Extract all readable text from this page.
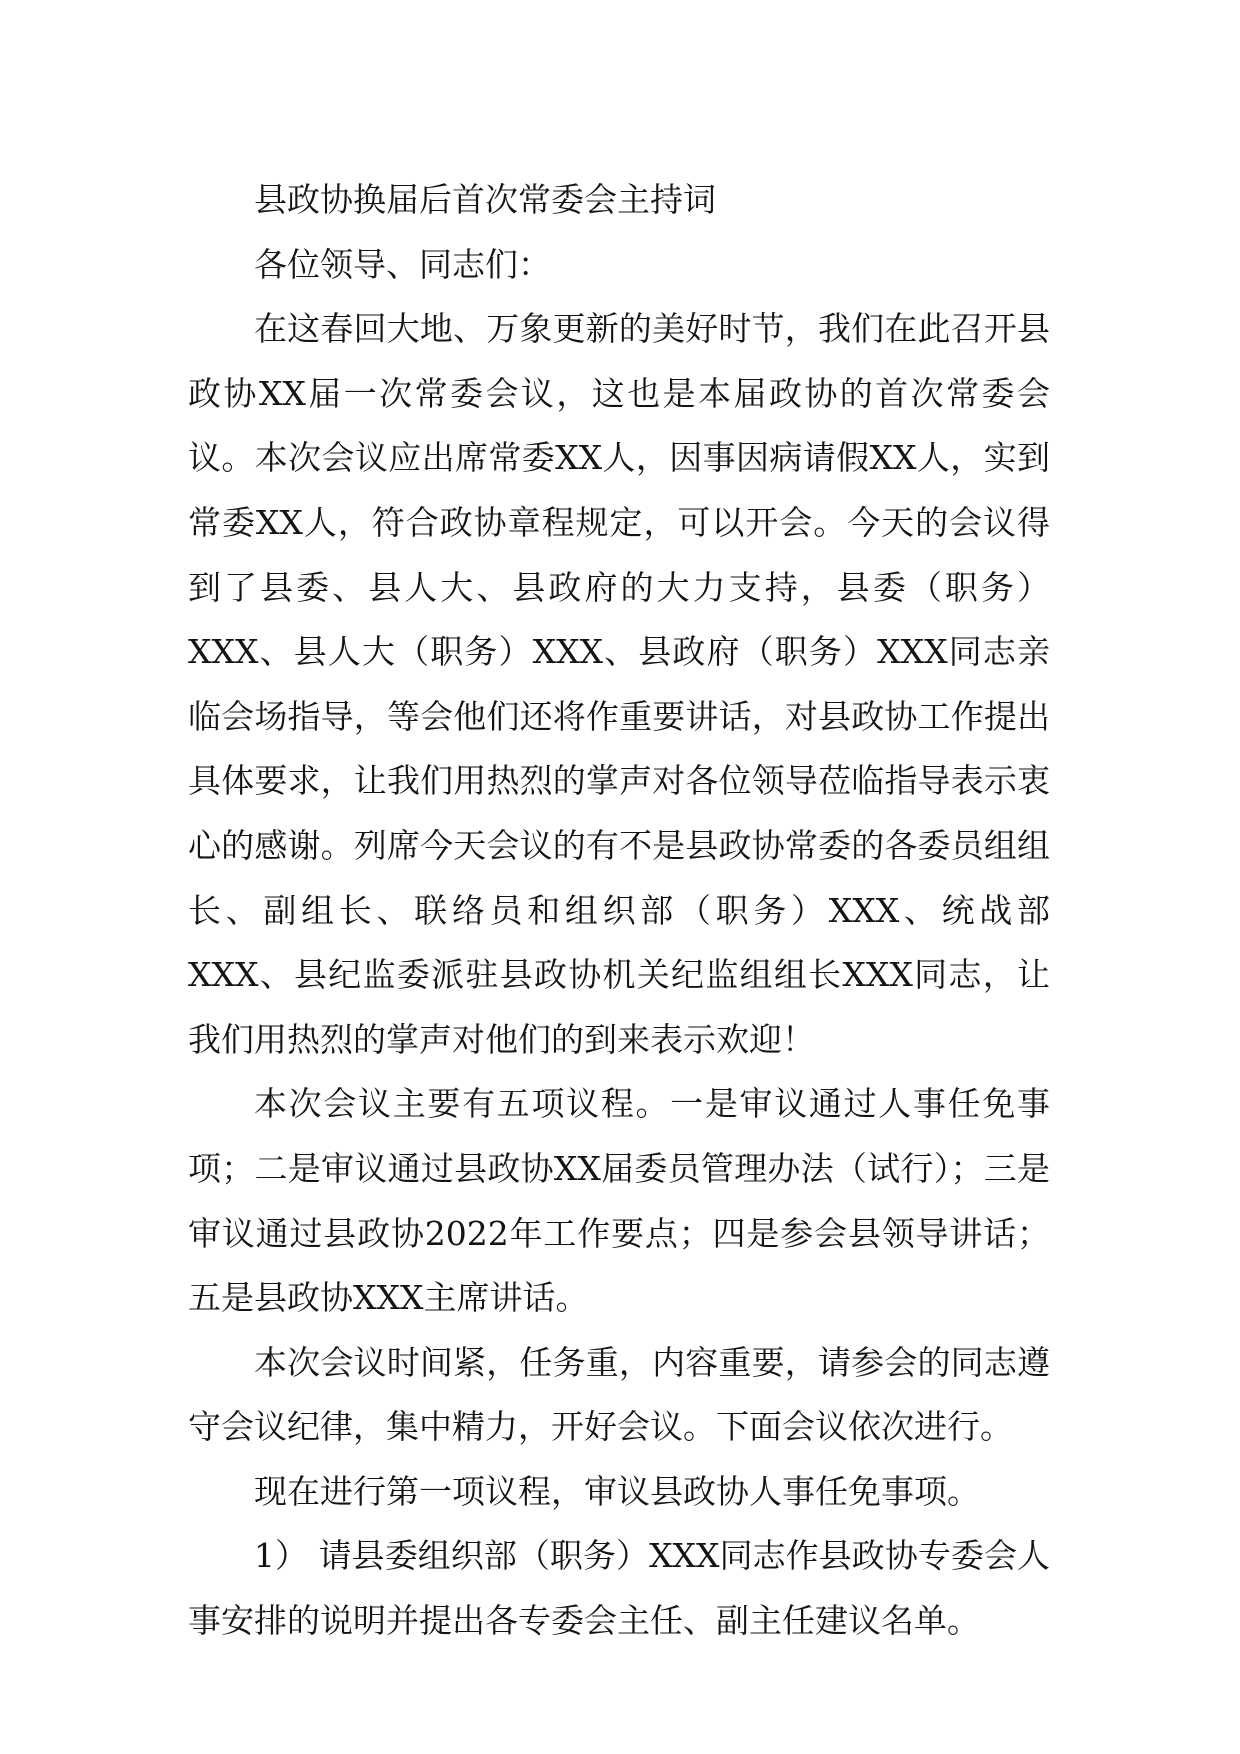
县政协换届后首次常委会主持词

各位领导、同志们：

在这春回大地、万象更新的美好时节，我们在此召开县政协XX届一次常委会议，这也是本届政协的首次常委会议。本次会议应出席常委XX人，因事因病请假XX人，实到常委XX人，符合政协章程规定，可以开会。今天的会议得到了县委、县人大、县政府的大力支持，县委（职务）XXX、县人大（职务）XXX、县政府（职务）XXX同志亲临会场指导，等会他们还将作重要讲话，对县政协工作提出具体要求，让我们用热烈的掌声对各位领导莅临指导表示衷心的感谢。列席今天会议的有不是县政协常委的各委员组组长、副组长、联络员和组织部（职务）XXX、统战部XXX、县纪监委派驻县政协机关纪监组组长XXX同志，让我们用热烈的掌声对他们的到来表示欢迎！

本次会议主要有五项议程。一是审议通过人事任免事项；二是审议通过县政协XX届委员管理办法（试行）；三是审议通过县政协2022年工作要点；四是参会县领导讲话；五是县政协XXX主席讲话。

本次会议时间紧，任务重，内容重要，请参会的同志遵守会议纪律，集中精力，开好会议。下面会议依次进行。

现在进行第一项议程，审议县政协人事任免事项。

1） 请县委组织部（职务）XXX同志作县政协专委会人事安排的说明并提出各专委会主任、副主任建议名单。
